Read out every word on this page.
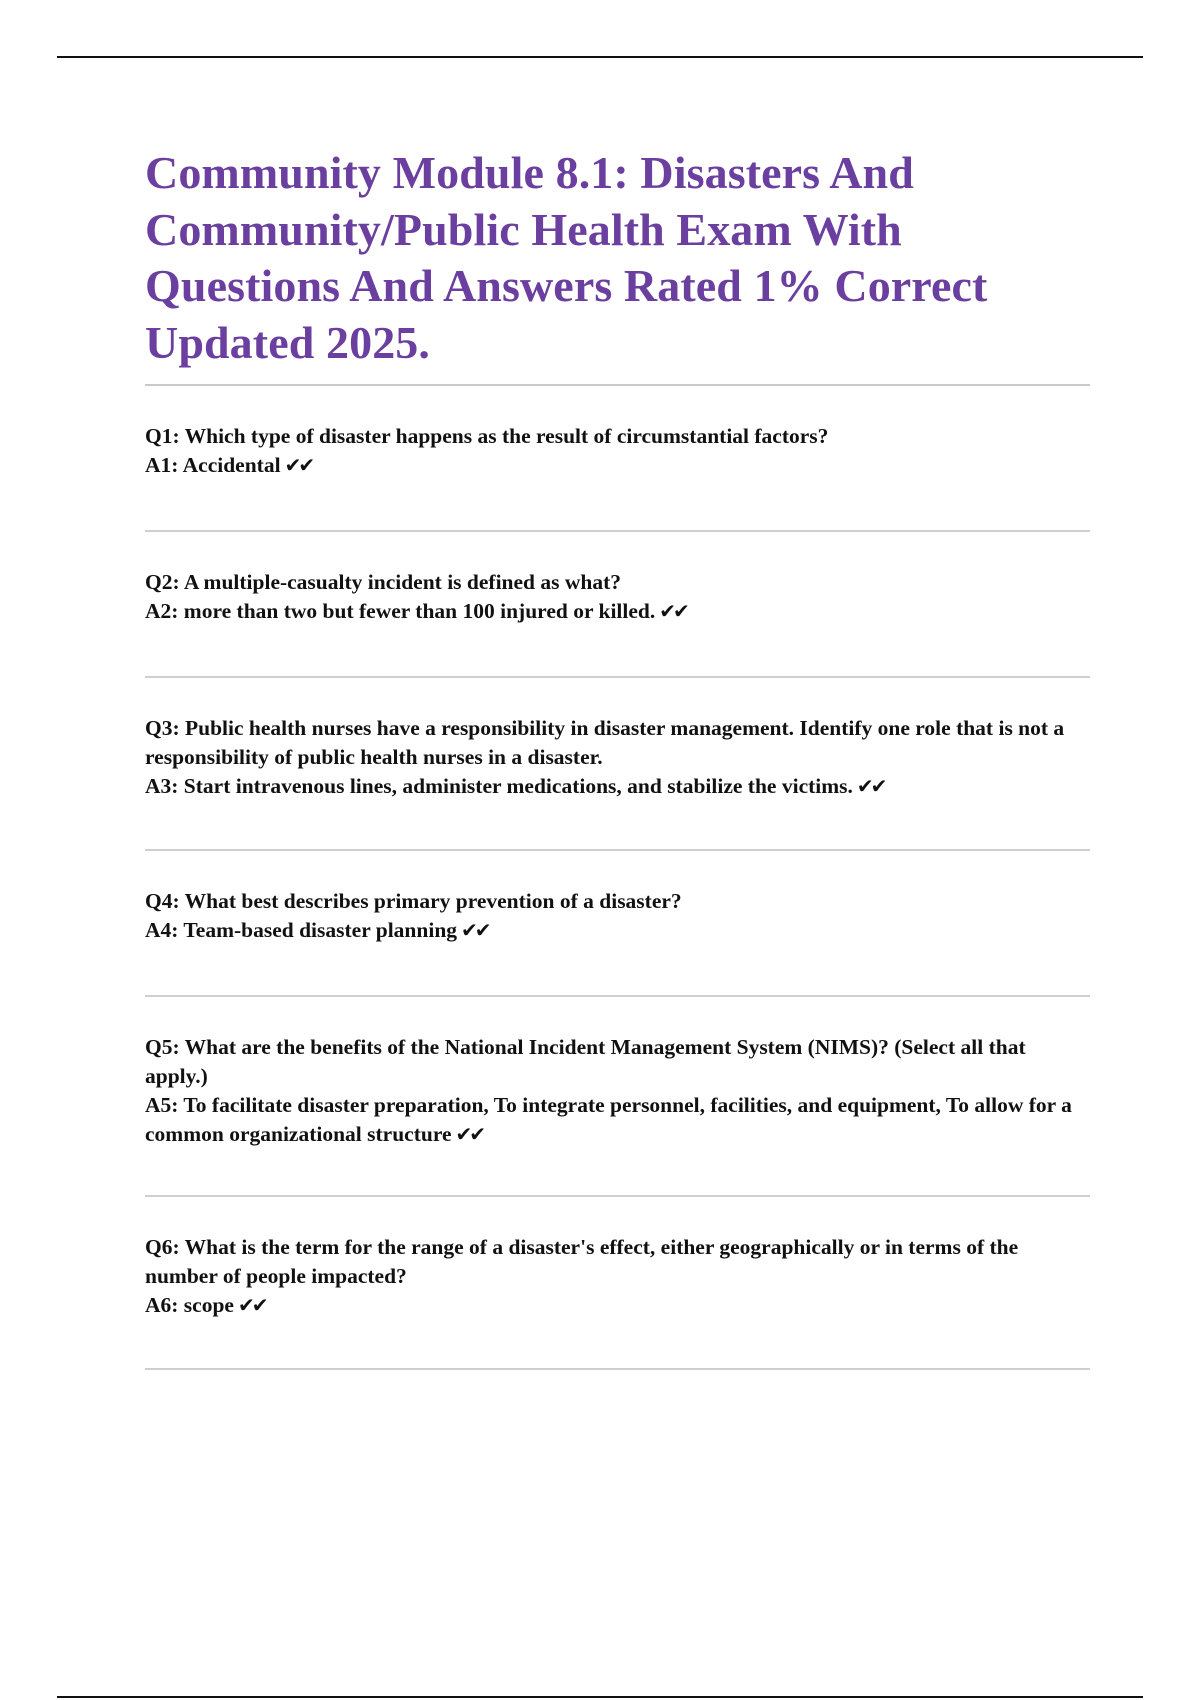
Community Module 8.1: Disasters And Community/Public Health Exam With Questions And Answers Rated 1% Correct Updated 2025.

Q1: Which type of disaster happens as the result of circumstantial factors?

A1: Accidental ✔✔

Q2: A multiple-casualty incident is defined as what?

A2: more than two but fewer than 100 injured or killed. ✔✔

Q3: Public health nurses have a responsibility in disaster management. Identify one role that is not a responsibility of public health nurses in a disaster.

A3: Start intravenous lines, administer medications, and stabilize the victims. ✔✔

Q4: What best describes primary prevention of a disaster?

A4: Team-based disaster planning ✔✔

Q5: What are the benefits of the National Incident Management System (NIMS)? (Select all that apply.)

A5: To facilitate disaster preparation, To integrate personnel, facilities, and equipment, To allow for a common organizational structure ✔✔

Q6: What is the term for the range of a disaster's effect, either geographically or in terms of the number of people impacted?

A6: scope ✔✔
